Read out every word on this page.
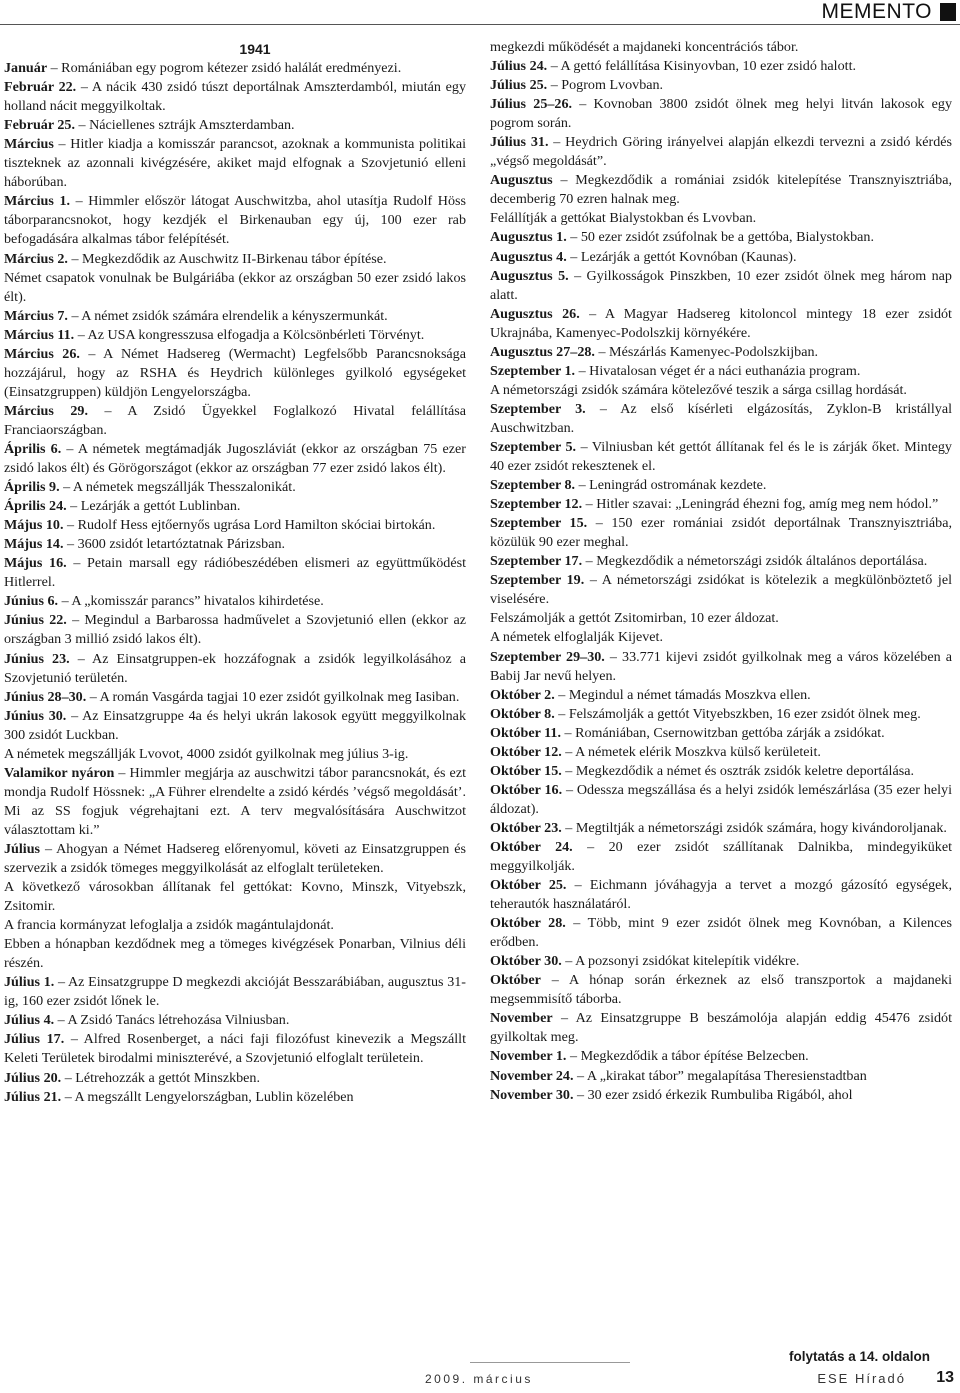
MEMENTO
1941

Január – Romániában egy pogrom kétezer zsidó halálát eredményezi.

Február 22. – A nácik 430 zsidó túszt deportálnak Amszterdamból, miután egy holland nácit meggyilkoltak.

Február 25. – Náciellenes sztrájk Amszterdamban.

Március – Hitler kiadja a komisszár parancsot, azoknak a kommunista politikai tiszteknek az azonnali kivégzésére, akiket majd elfognak a Szovjetunió elleni háborúban.

Március 1. – Himmler először látogat Auschwitzba, ahol utasítja Rudolf Höss táborparancsnokot, hogy kezdjék el Birkenauban egy új, 100 ezer rab befogadására alkalmas tábor felépítését.

Március 2. – Megkezdődik az Auschwitz II-Birkenau tábor építése.

Német csapatok vonulnak be Bulgáriába (ekkor az országban 50 ezer zsidó lakos élt).

Március 7. – A német zsidók számára elrendelik a kényszermunkát.

Március 11. – Az USA kongresszusa elfogadja a Kölcsönbérleti Törvényt.

Március 26. – A Német Hadsereg (Wermacht) Legfelsőbb Parancsnoksága hozzájárul, hogy az RSHA és Heydrich különleges gyilkoló egységeket (Einsatzgruppen) küldjön Lengyelországba.

Március 29. – A Zsidó Ügyekkel Foglalkozó Hivatal felállítása Franciaországban.

Április 6. – A németek megtámadják Jugoszláviát (ekkor az országban 75 ezer zsidó lakos élt) és Görögországot (ekkor az országban 77 ezer zsidó lakos élt).

Április 9. – A németek megszállják Thesszalonikát.

Április 24. – Lezárják a gettót Lublinban.

Május 10. – Rudolf Hess ejtőernyős ugrása Lord Hamilton skóciai birtokán.

Május 14. – 3600 zsidót letartóztatnak Párizsban.

Május 16. – Petain marsall egy rádióbeszédében elismeri az együttműködést Hitlerrel.

Június 6. – A „komisszár parancs” hivatalos kihirdetése.

Június 22. – Megindul a Barbarossa hadművelet a Szovjetunió ellen (ekkor az országban 3 millió zsidó lakos élt).

Június 23. – Az Einsatgruppen-ek hozzáfognak a zsidók legyilkolásához a Szovjetunió területén.

Június 28–30. – A román Vasgárda tagjai 10 ezer zsidót gyilkolnak meg Iasiban.

Június 30. – Az Einsatzgruppe 4a és helyi ukrán lakosok együtt meggyilkolnak 300 zsidót Luckban.

A németek megszállják Lvovot, 4000 zsidót gyilkolnak meg július 3-ig.

Valamikor nyáron – Himmler megjárja az auschwitzi tábor parancsnokát, és ezt mondja Rudolf Hössnek: „A Führer elrendelte a zsidó kérdés ’végső megoldását’. Mi az SS fogjuk végrehajtani ezt. A terv megvalósítására Auschwitzot választottam ki.”

Július – Ahogyan a Német Hadsereg előrenyomul, követi az Einsatzgruppen és szervezik a zsidók tömeges meggyilkolását az elfoglalt területeken.

A következő városokban állítanak fel gettókat: Kovno, Minszk, Vityebszk, Zsitomir.

A francia kormányzat lefoglalja a zsidók magántulajdonát.

Ebben a hónapban kezdődnek meg a tömeges kivégzések Ponarban, Vilnius déli részén.

Július 1. – Az Einsatzgruppe D megkezdi akcióját Besszarábiában, augusztus 31-ig, 160 ezer zsidót lőnek le.

Július 4. – A Zsidó Tanács létrehozása Vilniusban.

Július 17. – Alfred Rosenberget, a náci faji filozófust kinevezik a Megszállt Keleti Területek birodalmi miniszterévé, a Szovjetunió elfoglalt területein.

Július 20. – Létrehozzák a gettót Minszkben.

Július 21. – A megszállt Lengyelországban, Lublin közelében

megkezdi működését a majdaneki koncentrációs tábor.

Július 24. – A gettó felállítása Kisinyovban, 10 ezer zsidó halott.

Július 25. – Pogrom Lvovban.

Július 25–26. – Kovnoban 3800 zsidót ölnek meg helyi litván lakosok egy pogrom során.

Július 31. – Heydrich Göring irányelvei alapján elkezdi tervezni a zsidó kérdés „végső megoldását”.

Augusztus – Megkezdődik a romániai zsidók kitelepítése Transznyisztriába, decemberig 70 ezren halnak meg.

Felállítják a gettókat Bialystokban és Lvovban.

Augusztus 1. – 50 ezer zsidót zsúfolnak be a gettóba, Bialystokban.

Augusztus 4. – Lezárják a gettót Kovnóban (Kaunas).

Augusztus 5. – Gyilkosságok Pinszkben, 10 ezer zsidót ölnek meg három nap alatt.

Augusztus 26. – A Magyar Hadsereg kitoloncol mintegy 18 ezer zsidót Ukrajnába, Kamenyec-Podolszkij környékére.

Augusztus 27–28. – Mészárlás Kamenyec-Podolszkijban.

Szeptember 1. – Hivatalosan véget ér a náci euthanázia program.

A németországi zsidók számára kötelezővé teszik a sárga csillag hordását.

Szeptember 3. – Az első kísérleti elgázosítás, Zyklon-B kristállyal Auschwitzban.

Szeptember 5. – Vilniusban két gettót állítanak fel és le is zárják őket. Mintegy 40 ezer zsidót rekesztenek el.

Szeptember 8. – Leningrád ostromának kezdete.

Szeptember 12. – Hitler szavai: „Leningrád éhezni fog, amíg meg nem hódol.”

Szeptember 15. – 150 ezer romániai zsidót deportálnak Transznyisztriába, közülük 90 ezer meghal.

Szeptember 17. – Megkezdődik a németországi zsidók általános deportálása.

Szeptember 19. – A németországi zsidókat is kötelezik a megkülönböztető jel viselésére.

Felszámolják a gettót Zsitomirban, 10 ezer áldozat.

A németek elfoglalják Kijevet.

Szeptember 29–30. – 33.771 kijevi zsidót gyilkolnak meg a város közelében a Babij Jar nevű helyen.

Október 2. – Megindul a német támadás Moszkva ellen.

Október 8. – Felszámolják a gettót Vityebszkben, 16 ezer zsidót ölnek meg.

Október 11. – Romániában, Csernowitzban gettóba zárják a zsidókat.

Október 12. – A németek elérik Moszkva külső kerületeit.

Október 15. – Megkezdődik a német és osztrák zsidók keletre deportálása.

Október 16. – Odessza megszállása és a helyi zsidók lemészárlása (35 ezer helyi áldozat).

Október 23. – Megtiltják a németországi zsidók számára, hogy kivándoroljanak.

Október 24. – 20 ezer zsidót szállítanak Dalnikba, mindegyiküket meggyilkolják.

Október 25. – Eichmann jóváhagyja a tervet a mozgó gázosító egységek, teherautók használatáról.

Október 28. – Több, mint 9 ezer zsidót ölnek meg Kovnóban, a Kilences erődben.

Október 30. – A pozsonyi zsidókat kitelepítik vidékre.

Október – A hónap során érkeznek az első transzportok a majdaneki megsemmisítő táborba.

November – Az Einsatzgruppe B beszámolója alapján eddig 45476 zsidót gyilkoltak meg.

November 1. – Megkezdődik a tábor építése Belzecben.

November 24. – A „kirakat tábor” megalapítása Theresienstadtban

November 30. – 30 ezer zsidó érkezik Rumbuliba Rigából, ahol

folytatás a 14. oldalon
2009. március	ESE Híradó 13
